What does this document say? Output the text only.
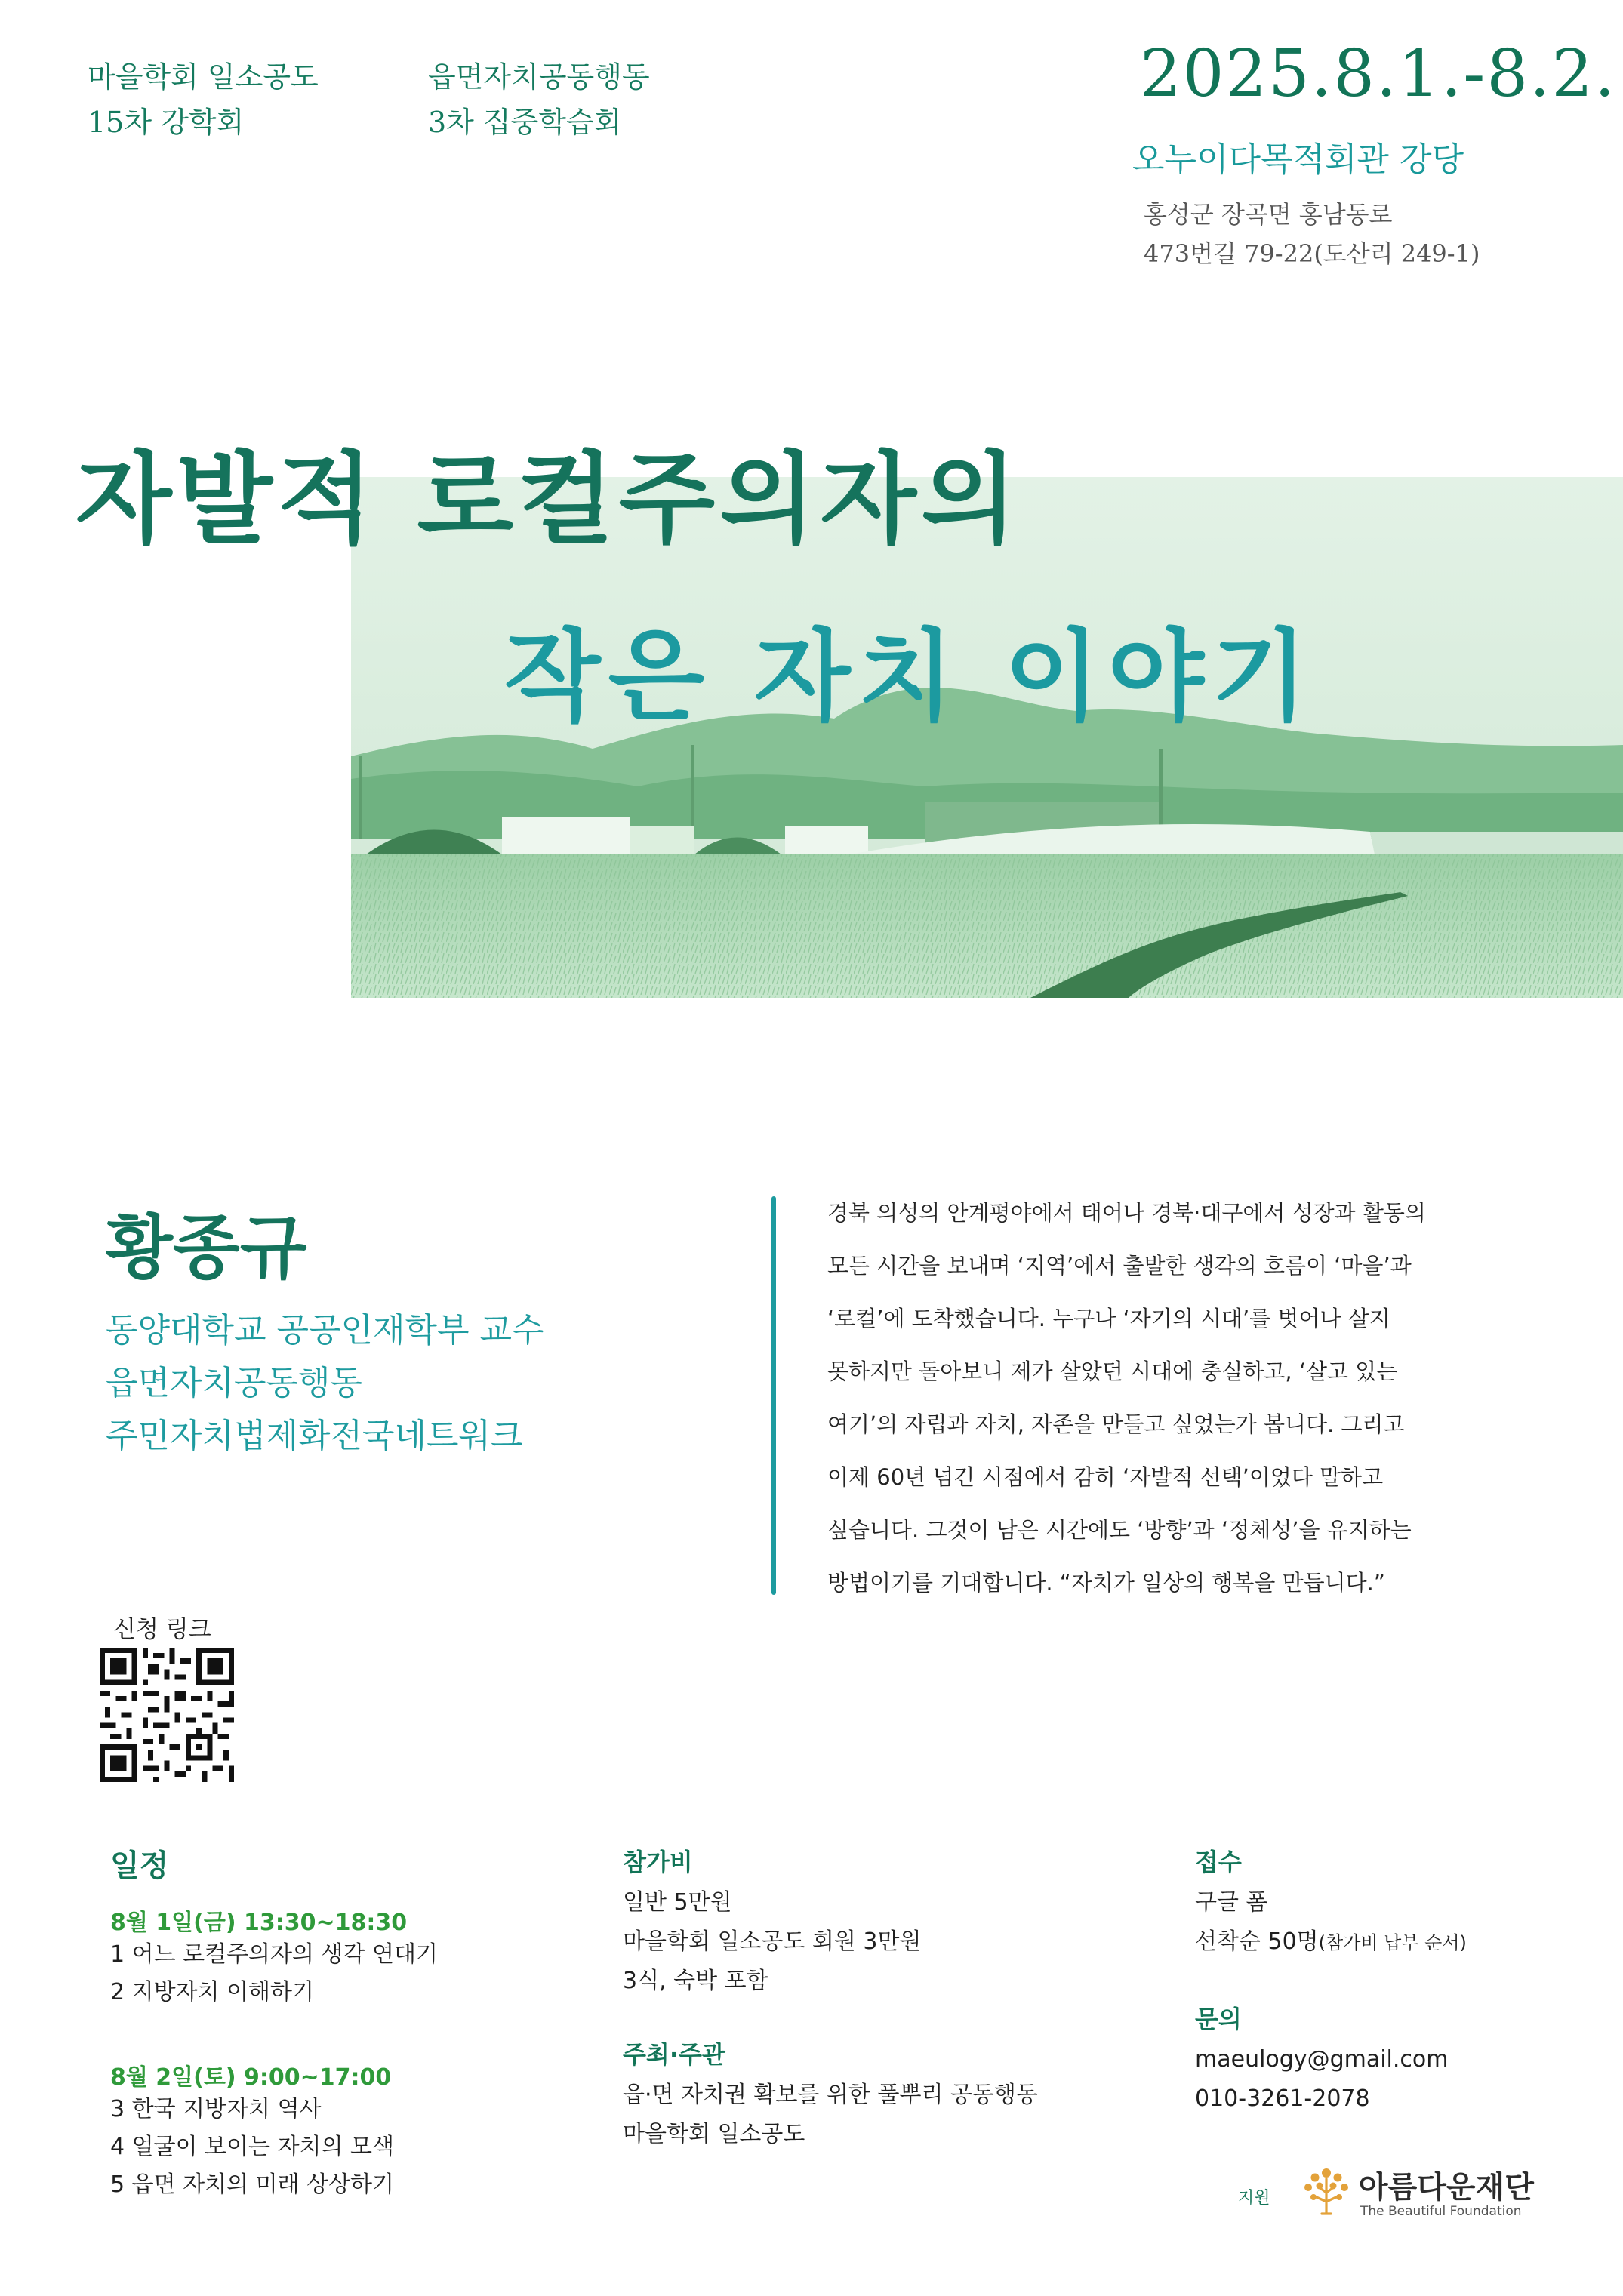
마을학회 일소공도
15차 강학회
읍면자치공동행동
3차 집중학습회
2025.8.1.-8.2.
오누이다목적회관 강당
홍성군 장곡면 홍남동로
473번길 79-22(도산리 249-1)
자발적 로컬주의자의
작은 자치 이야기
황종규
동양대학교 공공인재학부 교수
읍면자치공동행동
주민자치법제화전국네트워크
경북 의성의 안계평야에서 태어나 경북·대구에서 성장과 활동의
모든 시간을 보내며 ‘지역’에서 출발한 생각의 흐름이 ‘마을’과
‘로컬’에 도착했습니다. 누구나 ‘자기의 시대’를 벗어나 살지
못하지만 돌아보니 제가 살았던 시대에 충실하고, ‘살고 있는
여기’의 자립과 자치, 자존을 만들고 싶었는가 봅니다. 그리고
이제 60년 넘긴 시점에서 감히 ‘자발적 선택’이었다 말하고
싶습니다. 그것이 남은 시간에도 ‘방향’과 ‘정체성’을 유지하는
방법이기를 기대합니다. “자치가 일상의 행복을 만듭니다.”
신청 링크
일정
8월 1일(금) 13:30~18:30
1 어느 로컬주의자의 생각 연대기
2 지방자치 이해하기
8월 2일(토) 9:00~17:00
3 한국 지방자치 역사
4 얼굴이 보이는 자치의 모색
5 읍면 자치의 미래 상상하기
참가비
일반 5만원
마을학회 일소공도 회원 3만원
3식, 숙박 포함
주최·주관
읍·면 자치권 확보를 위한 풀뿌리 공동행동
마을학회 일소공도
접수
구글 폼
선착순 50명(참가비 납부 순서)
문의
maeulogy@gmail.com
010-3261-2078
지원	아름다운재단
The Beautiful Foundation
